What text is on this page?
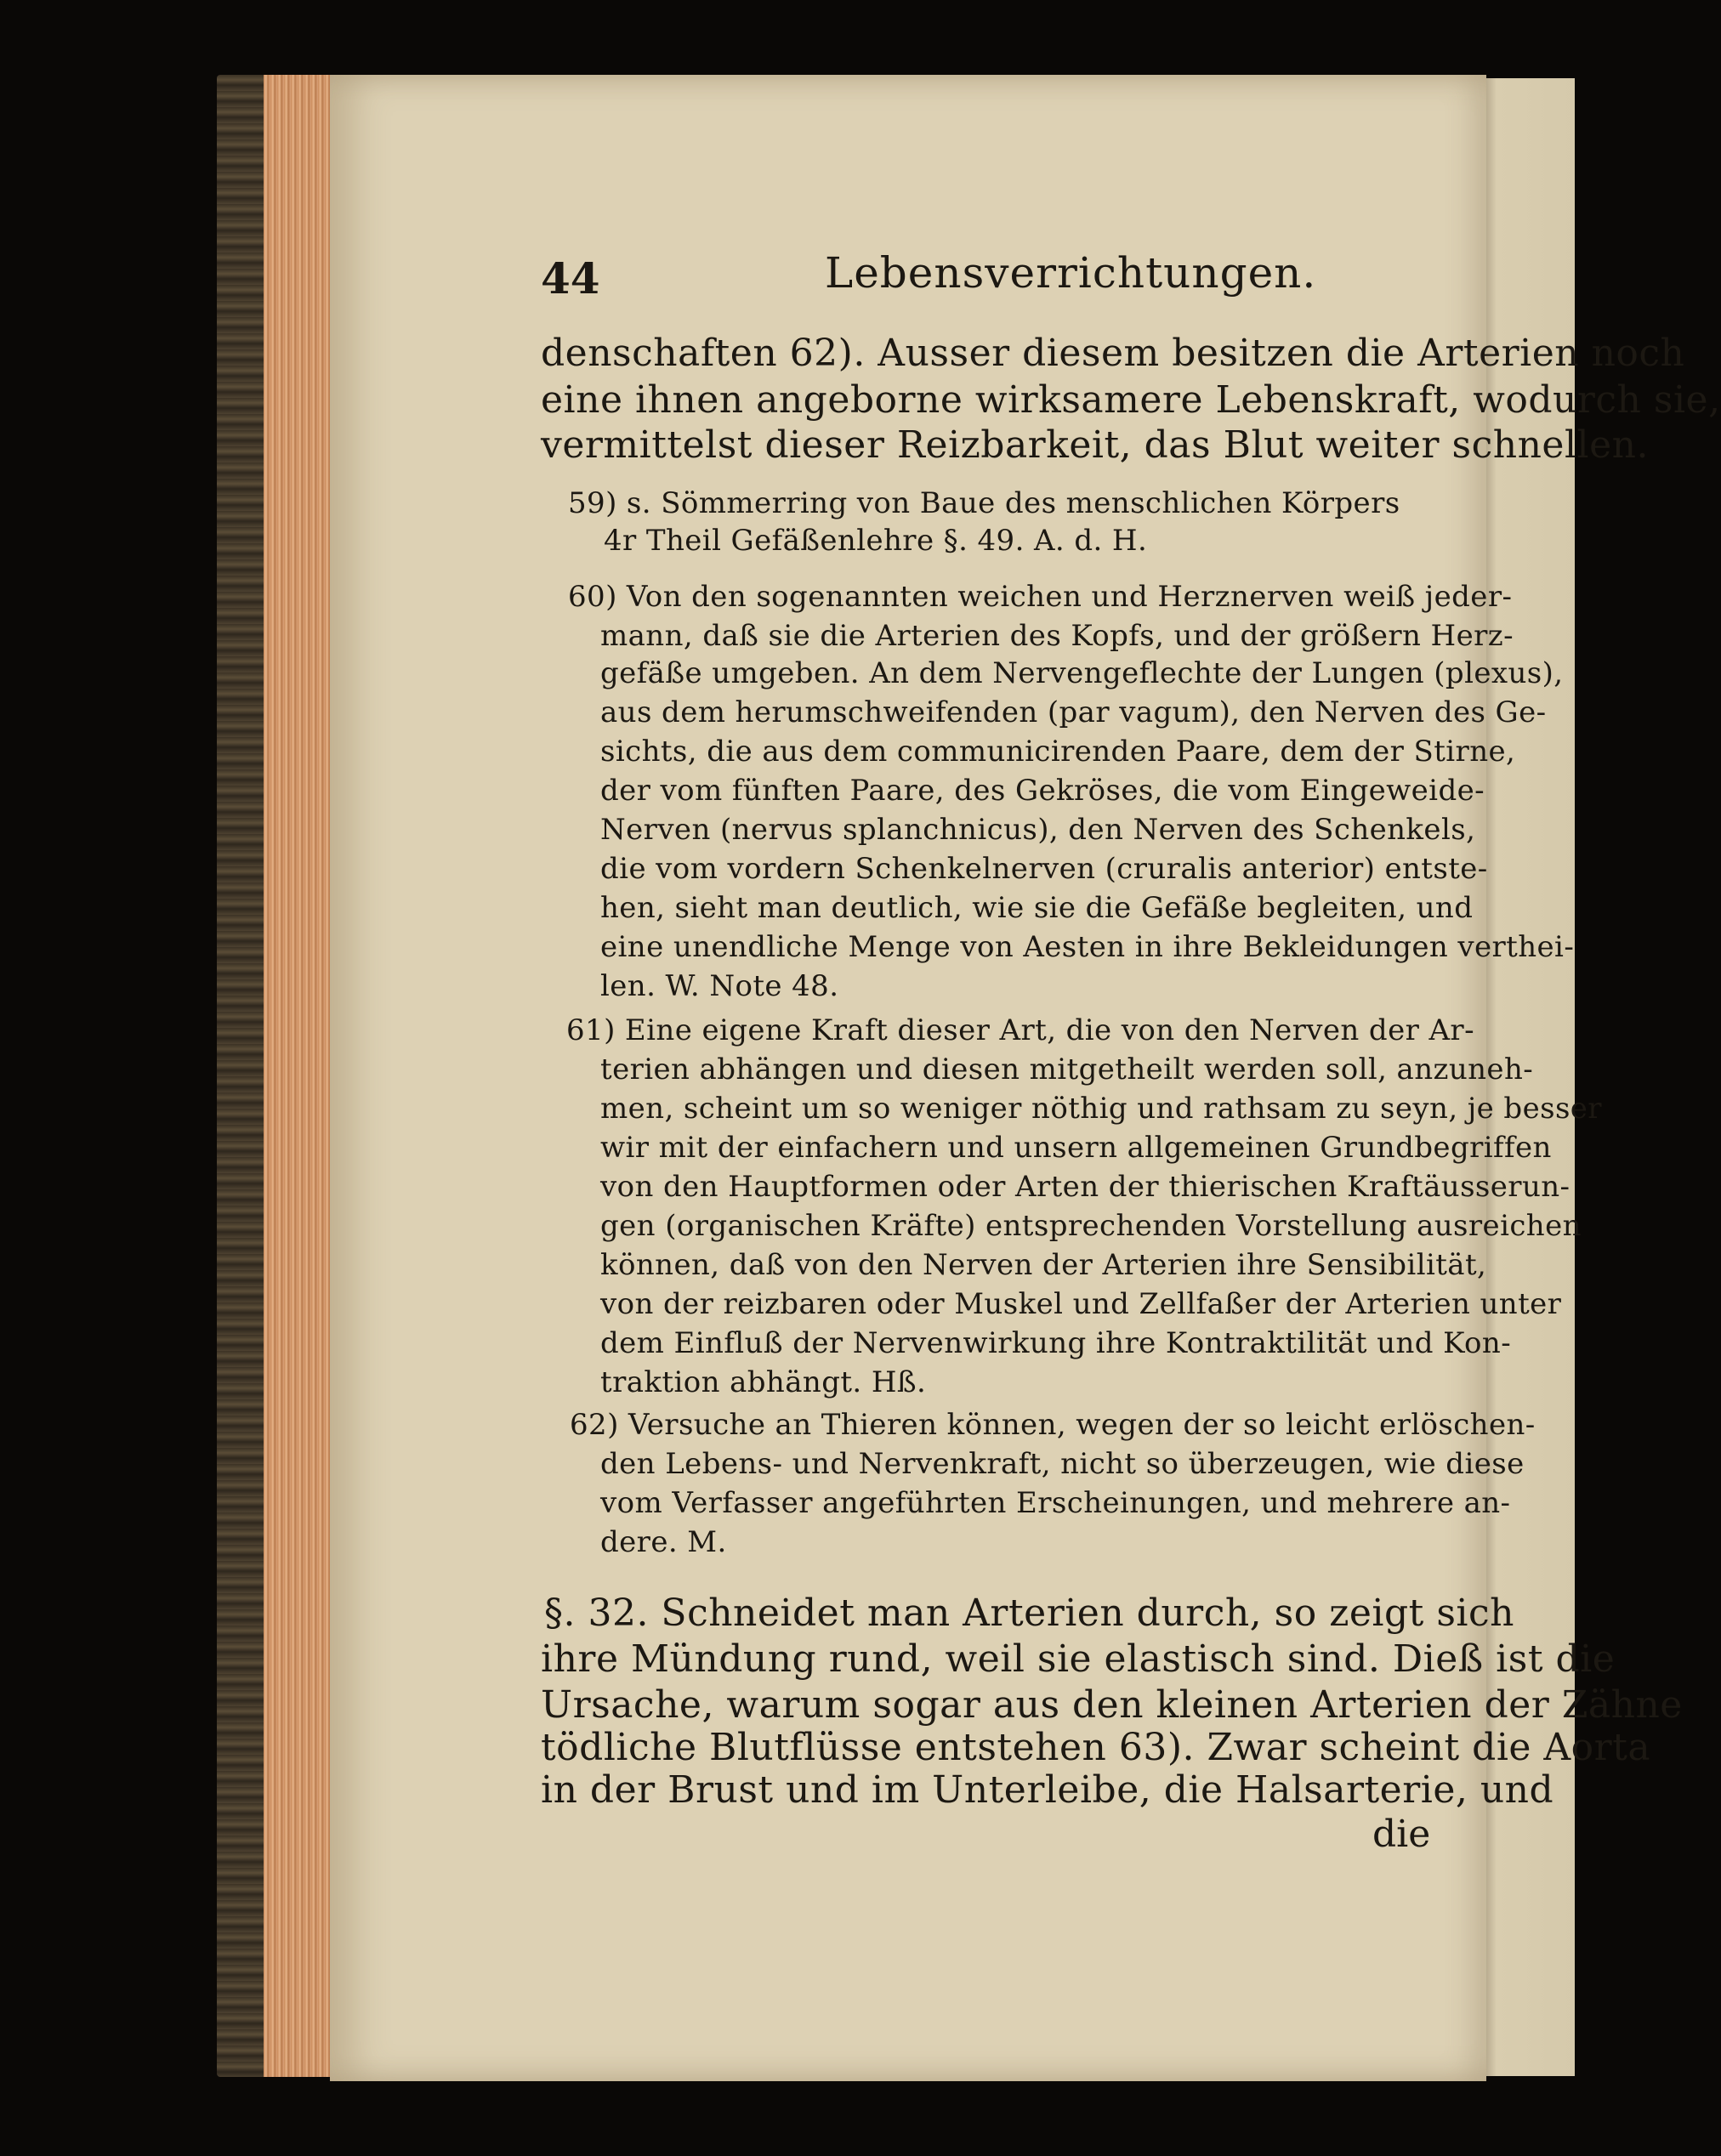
44	Lebensverrichtungen.
denschaften 62). Ausser diesem besitzen die Arterien noch
eine ihnen angeborne wirksamere Lebenskraft, wodurch sie,
vermittelst dieser Reizbarkeit, das Blut weiter schnellen.
59) s. Sömmerring von Baue des menschlichen Körpers
4r Theil Gefäßenlehre §. 49. A. d. H.
60) Von den sogenannten weichen und Herznerven weiß jeder-
mann, daß sie die Arterien des Kopfs, und der größern Herz-
gefäße umgeben. An dem Nervengeflechte der Lungen (plexus),
aus dem herumschweifenden (par vagum), den Nerven des Ge-
sichts, die aus dem communicirenden Paare, dem der Stirne,
der vom fünften Paare, des Gekröses, die vom Eingeweide-
Nerven (nervus splanchnicus), den Nerven des Schenkels,
die vom vordern Schenkelnerven (cruralis anterior) entste-
hen, sieht man deutlich, wie sie die Gefäße begleiten, und
eine unendliche Menge von Aesten in ihre Bekleidungen verthei-
len. W. Note 48.
61) Eine eigene Kraft dieser Art, die von den Nerven der Ar-
terien abhängen und diesen mitgetheilt werden soll, anzuneh-
men, scheint um so weniger nöthig und rathsam zu seyn, je besser
wir mit der einfachern und unsern allgemeinen Grundbegriffen
von den Hauptformen oder Arten der thierischen Kraftäusserun-
gen (organischen Kräfte) entsprechenden Vorstellung ausreichen
können, daß von den Nerven der Arterien ihre Sensibilität,
von der reizbaren oder Muskel und Zellfaßer der Arterien unter
dem Einfluß der Nervenwirkung ihre Kontraktilität und Kon-
traktion abhängt. Hß.
62) Versuche an Thieren können, wegen der so leicht erlöschen-
den Lebens- und Nervenkraft, nicht so überzeugen, wie diese
vom Verfasser angeführten Erscheinungen, und mehrere an-
dere. M.
§. 32. Schneidet man Arterien durch, so zeigt sich
ihre Mündung rund, weil sie elastisch sind. Dieß ist die
Ursache, warum sogar aus den kleinen Arterien der Zähne
tödliche Blutflüsse entstehen 63). Zwar scheint die Aorta
in der Brust und im Unterleibe, die Halsarterie, und
die
